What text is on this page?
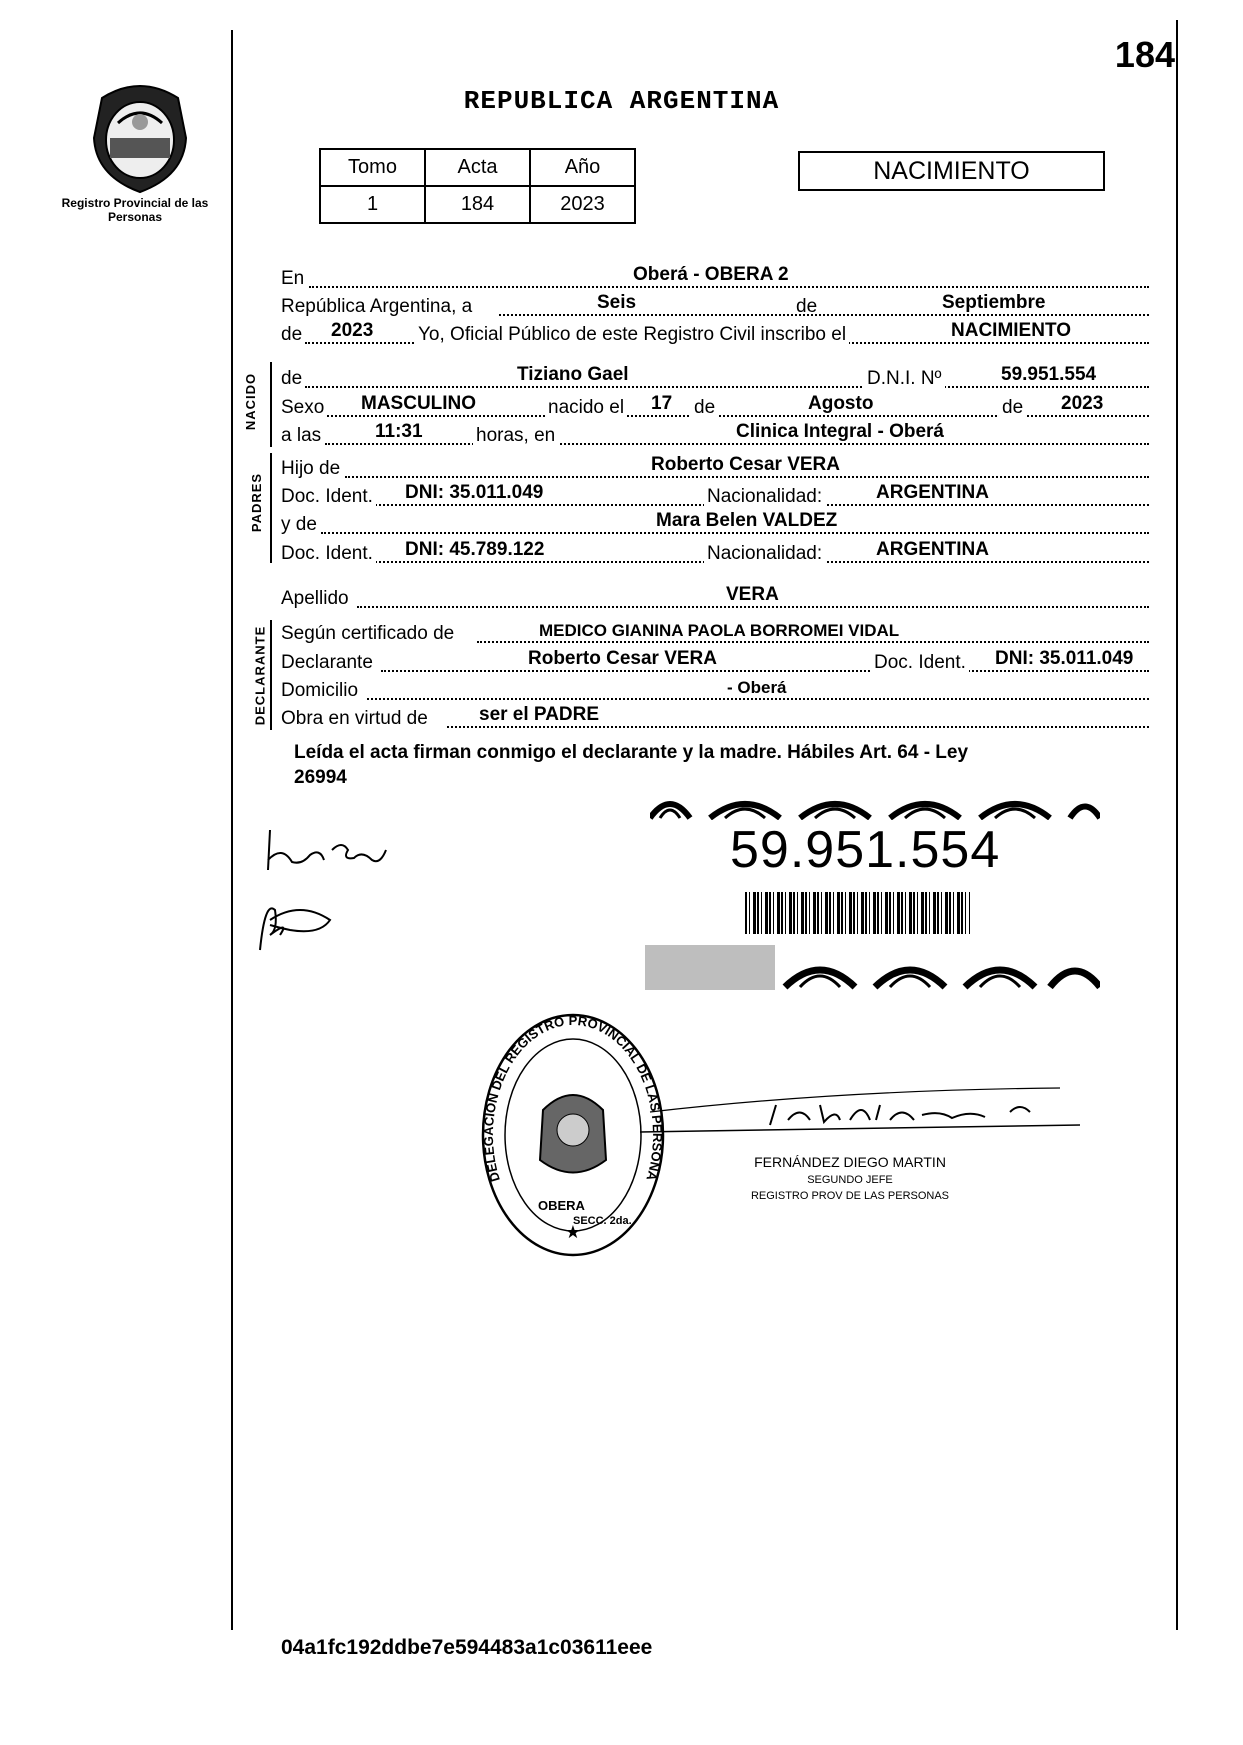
Registro Provincial de las Personas
184
REPUBLICA ARGENTINA
Tomo	Acta	Año
1	184	2023
NACIMIENTO
En	Oberá - OBERA 2
República Argentina, a	Seis	de	Septiembre
de 2023 Yo, Oficial Público de este Registro Civil inscribo el	NACIMIENTO
NACIDO de	Tiziano Gael	D.N.I. Nº	59.951.554
Sexo MASCULINO	nacido el 17 de	Agosto	de 2023
a las	11:31	horas, en	Clinica Integral - Oberá
PADRES
Hijo de	Roberto Cesar VERA
Doc. Ident. DNI: 35.011.049	Nacionalidad:	ARGENTINA
y de	Mara Belen VALDEZ
Doc. Ident. DNI: 45.789.122	Nacionalidad:	ARGENTINA
Apellido	VERA
DECLARANTE Según certificado de	MEDICO GIANINA PAOLA BORROMEI VIDAL
Declarante	Roberto Cesar VERA	Doc. Ident. DNI: 35.011.049
Domicilio	- Oberá
Obra en virtud de	ser el PADRE
Leída el acta firman conmigo el declarante y la madre. Hábiles Art. 64 - Ley
26994
59.951.554
★
DELEGACION DEL REGISTRO PROVINCIAL DE LAS PERSONA
OBERA
SECC. 2da.
FERNÁNDEZ DIEGO MARTIN
SEGUNDO JEFE
REGISTRO PROV DE LAS PERSONAS
04a1fc192ddbe7e594483a1c03611eee
